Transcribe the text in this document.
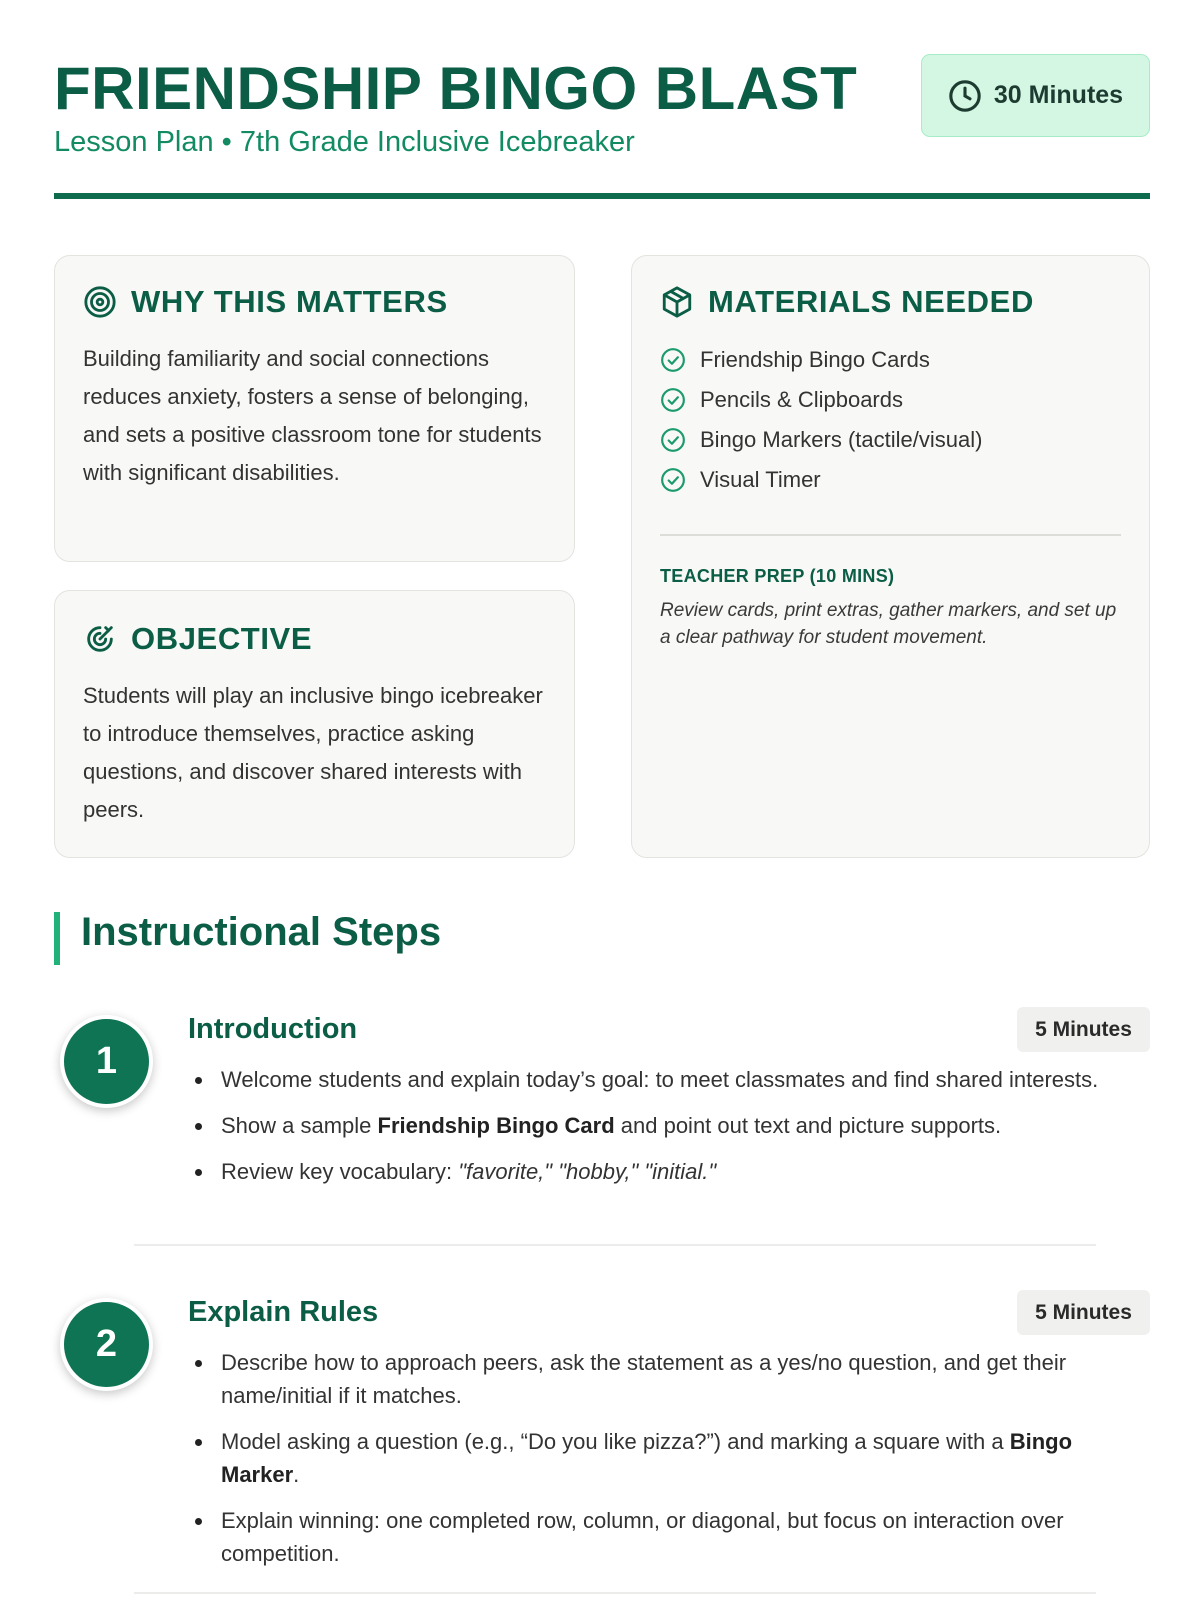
FRIENDSHIP BINGO BLAST
Lesson Plan • 7th Grade Inclusive Icebreaker
30 Minutes
WHY THIS MATTERS

Building familiarity and social connections reduces anxiety, fosters a sense of belonging, and sets a positive classroom tone for students with significant disabilities.

OBJECTIVE

Students will play an inclusive bingo icebreaker to introduce themselves, practice asking questions, and discover shared interests with peers.

MATERIALS NEEDED
Friendship Bingo Cards
Pencils & Clipboards
Bingo Markers (tactile/visual)
Visual Timer
TEACHER PREP (10 MINS)

Review cards, print extras, gather markers, and set up a clear pathway for student movement.

Instructional Steps
1
Introduction	5 Minutes
Welcome students and explain today’s goal: to meet classmates and find shared interests.
Show a sample Friendship Bingo Card and point out text and picture supports.
Review key vocabulary: "favorite," "hobby," "initial."
2
Explain Rules	5 Minutes
Describe how to approach peers, ask the statement as a yes/no question, and get their name/initial if it matches.
Model asking a question (e.g., “Do you like pizza?”) and marking a square with a Bingo Marker.
Explain winning: one completed row, column, or diagonal, but focus on interaction over competition.
